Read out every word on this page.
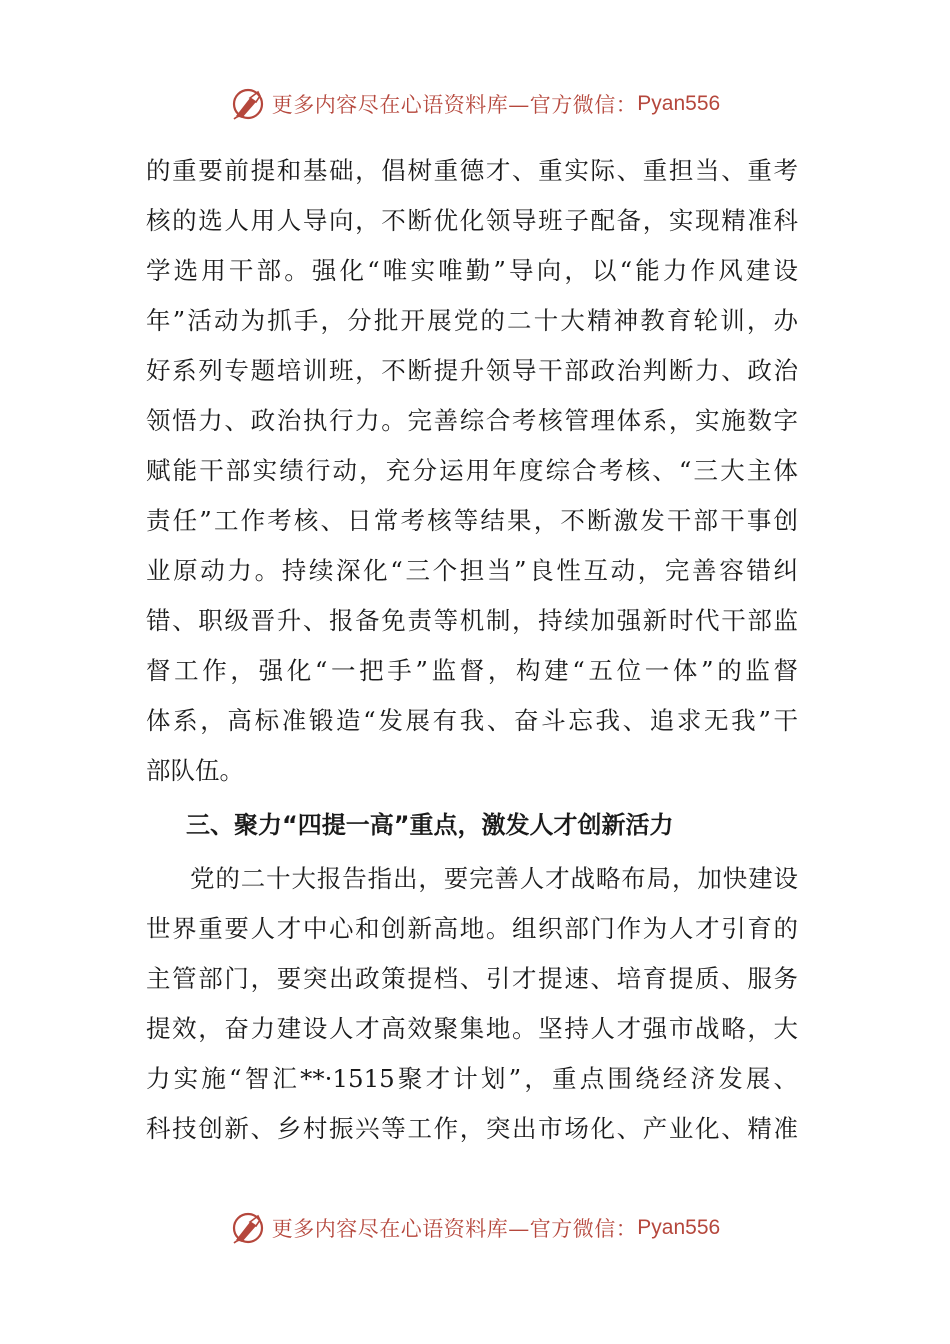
更多内容尽在心语资料库—官方微信： Pyan556
的重要前提和基础，倡树重德才、重实际、重担当、重考
核的选人用人导向，不断优化领导班子配备，实现精准科
学选用干部。强化“唯实唯勤”导向，以“能力作风建设
年”活动为抓手，分批开展党的二十大精神教育轮训，办
好系列专题培训班，不断提升领导干部政治判断力、政治
领悟力、政治执行力。完善综合考核管理体系，实施数字
赋能干部实绩行动，充分运用年度综合考核、“三大主体
责任”工作考核、日常考核等结果，不断激发干部干事创
业原动力。持续深化“三个担当”良性互动，完善容错纠
错、职级晋升、报备免责等机制，持续加强新时代干部监
督工作，强化“一把手”监督，构建“五位一体”的监督
体系，高标准锻造“发展有我、奋斗忘我、追求无我”干
部队伍。
三、聚力“四提一高”重点，激发人才创新活力
党的二十大报告指出，要完善人才战略布局，加快建设
世界重要人才中心和创新高地。组织部门作为人才引育的
主管部门，要突出政策提档、引才提速、培育提质、服务
提效，奋力建设人才高效聚集地。坚持人才强市战略，大
力实施“智汇**·1515聚才计划”，重点围绕经济发展、
科技创新、乡村振兴等工作，突出市场化、产业化、精准
更多内容尽在心语资料库—官方微信： Pyan556
